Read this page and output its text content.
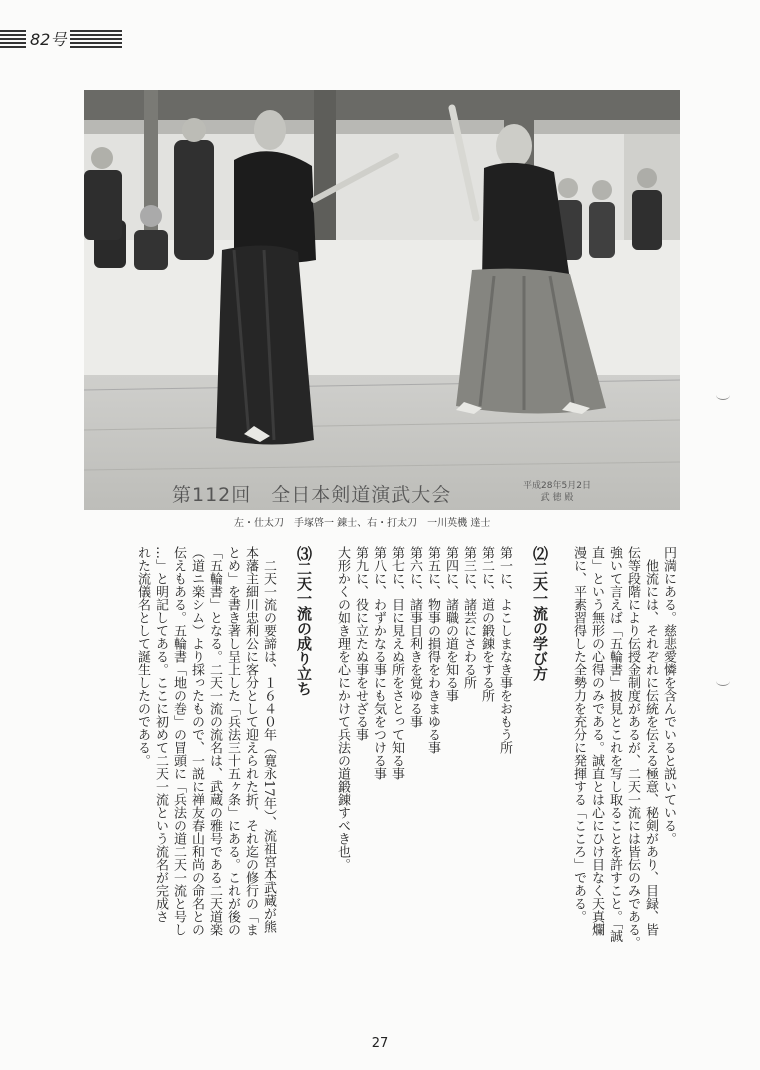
82号
第112回　全日本剣道演武大会	平成28年5月2日
武 徳 殿
左・仕太刀　手塚啓一 錬士、右・打太刀　一川英機 達士
円満にある。慈悲愛憐を含んでいると説いている。
　他流には、それぞれに伝統を伝える極意、秘剣があり、目録、皆
伝等段階により伝授金制度があるが、二天一流には皆伝のみである。
強いて言えば「五輪書」披見とこれを写し取ることを許すこと。「誠
直」という無形の心得のみである。誠直とは心にひけ目なく天真爛
漫に、平素習得した全勢力を充分に発揮する「こころ」である。
⑵二天一流の学び方
第一に、よこしまなき事をおもう所
第二に、道の鍛錬をする所
第三に、諸芸にさわる所
第四に、諸職の道を知る事
第五に、物事の損得をわきまゆる事
第六に、諸事目利きを覚ゆる事
第七に、目に見えぬ所をさとって知る事
第八に、わずかなる事にも気をつける事
第九に、役に立たぬ事をせざる事
大形かくの如き理を心にかけて兵法の道鍛錬すべき也。
⑶二天一流の成り立ち
　二天一流の要諦は、１６４０年（寛永17年）、流祖宮本武蔵が熊
本藩主細川忠利公に客分として迎えられた折、それ迄の修行の「ま
とめ」を書き著し呈上した「兵法三十五ヶ条」にある。これが後の
「五輪書」となる。二天一流の流名は、武蔵の雅号である二天道楽
（道ニ楽シム）より採ったもので、一説に禅友春山和尚の命名との
伝えもある。五輪書「地の巻」の冒頭に「兵法の道二天一流と号し
…」と明記してある。ここに初めて二天一流という流名が完成さ
れた流儀名として誕生したのである。
27
